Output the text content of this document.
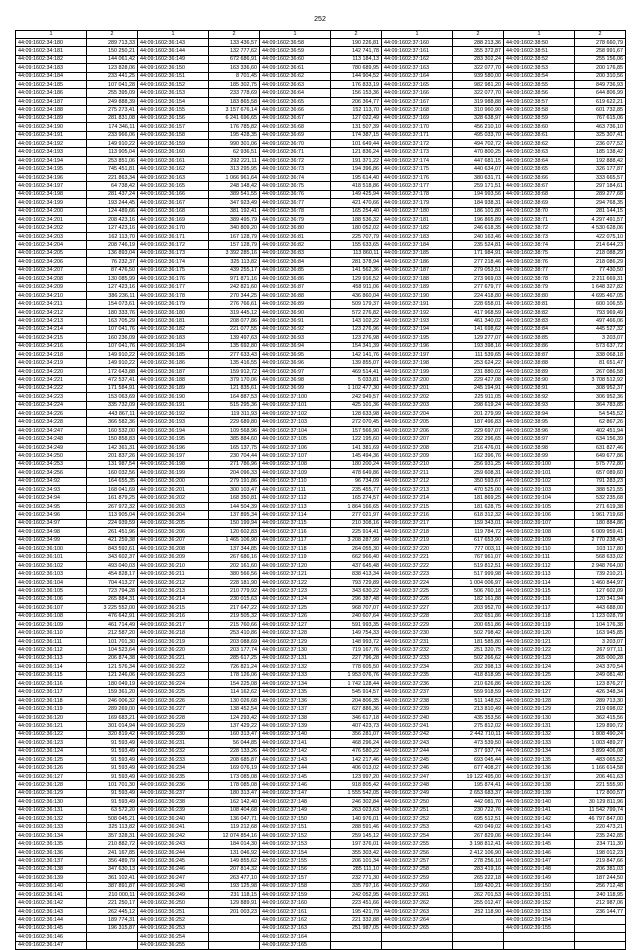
252
1	2	1	2	1	2	1	2	1	2
44:09:1602:34:180	289 713,33	44:09:1602:36:143	133 436,57	44:09:1602:36:58	190 226,81	44:09:1602:37:160	288 213,36	44:09:1602:38:50	278 660,79
44:09:1602:34:181	150 250,21	44:09:1602:36:144	132 777,62	44:09:1602:36:59	142 741,78	44:09:1602:37:161	355 372,87	44:09:1602:38:51	258 991,67
44:09:1602:34:182	144 061,42	44:09:1602:36:149	672 686,91	44:09:1602:36:60	113 184,13	44:09:1602:37:162	283 302,24	44:09:1602:38:52	255 156,06
44:09:1602:34:183	123 828,06	44:09:1602:36:150	163 336,60	44:09:1602:36:61	780 689,95	44:09:1602:37:163	322 077,70	44:09:1602:38:53	200 176,85
44:09:1602:34:184	233 441,25	44:09:1602:36:151	8 701,45	44:09:1602:36:62	144 904,52	44:09:1602:37:164	939 580,00	44:09:1602:38:54	200 310,56
44:09:1602:34:185	107 041,28	44:09:1602:36:152	185 302,75	44:09:1602:36:63	176 833,19	44:09:1602:37:165	982 981,20	44:09:1602:38:55	849 736,93
44:09:1602:34:186	255 395,09	44:09:1602:36:153	233 778,69	44:09:1602:36:64	156 153,36	44:09:1602:37:166	322 077,70	44:09:1602:38:56	644 806,99
44:09:1602:34:187	249 888,39	44:09:1602:36:154	183 865,58	44:09:1602:36:65	206 364,77	44:09:1602:37:167	319 988,88	44:09:1602:38:57	619 622,21
44:09:1602:34:188	275 273,41	44:09:1602:36:155	3 157 676,14	44:09:1602:36:66	152 113,70	44:09:1602:37:168	310 960,90	44:09:1602:38:58	601 732,85
44:09:1602:34:189	281 831,08	44:09:1602:36:156	6 241 696,65	44:09:1602:36:67	127 022,49	44:09:1602:37:169	328 638,97	44:09:1602:38:59	767 615,06
44:09:1602:34:190	174 346,11	44:09:1602:36:157	176 785,82	44:09:1602:36:68	131 507,39	44:09:1602:37:170	456 210,10	44:09:1602:38:60	463 736,10
44:09:1602:34:191	233 966,06	44:09:1602:36:158	195 428,35	44:09:1602:36:69	174 387,15	44:09:1602:37:171	495 033,70	44:09:1602:38:61	325 307,41
44:09:1602:34:192	149 910,22	44:09:1602:36:159	990 301,06	44:09:1602:36:70	101 649,44	44:09:1602:37:172	494 702,72	44:09:1602:38:62	236 077,52
44:09:1602:34:193	113 905,04	44:09:1602:36:160	62 936,51	44:09:1602:36:71	121 836,24	44:09:1602:37:173	470 800,25	44:09:1602:38:63	185 138,42
44:09:1602:34:194	253 851,06	44:09:1602:36:161	292 221,11	44:09:1602:36:72	191 371,22	44:09:1602:37:174	447 681,15	44:09:1602:38:64	192 888,42
44:09:1602:34:195	745 451,81	44:09:1602:36:162	313 295,95	44:09:1602:36:73	194 396,86	44:09:1602:37:175	440 634,07	44:09:1602:38:65	326 177,87
44:09:1602:34:196	221 863,34	44:09:1602:36:163	1 066 961,64	44:09:1602:36:74	195 614,40	44:09:1602:37:176	380 631,71	44:09:1602:38:66	333 665,57
44:09:1602:34:197	64 738,42	44:09:1602:36:165	248 148,42	44:09:1602:36:75	418 518,86	44:09:1602:37:177	259 171,51	44:09:1602:38:67	297 184,61
44:09:1602:34:198	281 437,24	44:09:1602:36:166	389 541,55	44:09:1602:36:76	149 425,94	44:09:1602:37:178	194 993,56	44:09:1602:38:68	289 277,68
44:09:1602:34:199	193 244,45	44:09:1602:36:167	347 923,49	44:09:1602:36:77	421 470,66	44:09:1602:37:179	184 938,31	44:09:1602:38:69	294 768,35
44:09:1602:34:200	124 489,66	44:09:1602:36:168	381 192,41	44:09:1602:36:78	165 254,40	44:09:1602:37:180	186 101,80	44:09:1602:38:70	281 144,15
44:09:1602:34:201	208 423,16	44:09:1602:36:169	389 495,79	44:09:1602:36:79	188 536,32	44:09:1602:37:181	196 865,89	44:09:1602:38:71	4 297 491,57
44:09:1602:34:202	127 423,16	44:09:1602:36:170	340 809,20	44:09:1602:36:80	180 052,02	44:09:1602:37:182	246 618,35	44:09:1602:38:72	4 530 628,06
44:09:1602:34:203	162 113,70	44:09:1602:36:171	167 128,79	44:09:1602:36:81	225 707,79	44:09:1602:37:183	240 163,46	44:09:1602:38:73	422 075,10
44:09:1602:34:204	208 746,19	44:09:1602:36:172	157 128,79	44:09:1602:36:82	155 633,65	44:09:1602:37:184	235 524,81	44:09:1602:38:74	214 644,23
44:09:1602:34:205	136 893,04	44:09:1602:36:173	3 392 285,16	44:09:1602:36:83	113 860,11	44:09:1602:37:185	171 984,91	44:09:1602:38:75	218 088,29
44:09:1602:34:206	76 232,37	44:09:1602:36:174	325 113,82	44:09:1602:36:84	281 378,94	44:09:1602:37:186	277 218,46	44:09:1602:38:76	218 086,29
44:09:1602:34:207	87 476,50	44:09:1602:36:175	439 255,17	44:09:1602:36:85	141 562,36	44:09:1602:37:187	279 053,51	44:09:1602:38:77	77 430,50
44:09:1602:34:208	130 085,99	44:09:1602:36:176	971 871,16	44:09:1602:36:86	129 916,52	44:09:1602:37:188	273 969,03	44:09:1602:38:78	2 211 669,31
44:09:1602:34:209	127 423,16	44:09:1602:36:177	242 821,60	44:09:1602:36:87	458 911,06	44:09:1602:37:189	277 679,77	44:09:1602:38:79	1 648 327,82
44:09:1602:34:210	386 236,11	44:09:1602:36:178	270 344,25	44:09:1602:36:88	436 860,04	44:09:1602:37:190	224 418,80	44:09:1602:38:80	4 695 467,05
44:09:1602:34:211	154 073,61	44:09:1602:36:179	276 766,61	44:09:1602:36:89	509 179,37	44:09:1602:37:191	228 658,01	44:09:1602:38:81	600 106,55
44:09:1602:34:212	180 333,76	44:09:1602:36:180	319 445,12	44:09:1602:36:90	572 276,82	44:09:1602:37:192	417 968,59	44:09:1602:38:82	793 969,49
44:09:1602:34:213	163 705,29	44:09:1602:36:181	208 077,86	44:09:1602:36:91	143 102,22	44:09:1602:37:193	461 340,02	44:09:1602:38:83	497 466,06
44:09:1602:34:214	107 041,76	44:09:1602:36:182	221 077,55	44:09:1602:36:92	123 276,96	44:09:1602:37:194	141 698,62	44:09:1602:38:84	445 527,32
44:09:1602:34:215	160 236,09	44:09:1602:36:183	139 497,63	44:09:1602:36:93	123 276,98	44:09:1602:37:195	129 277,07	44:09:1602:38:85	3 203,07
44:09:1602:34:216	107 041,76	44:09:1602:36:184	135 692,80	44:09:1602:36:94	154 341,39	44:09:1602:37:196	193 398,16	44:09:1602:38:86	573 637,72
44:09:1602:34:218	149 910,22	44:09:1602:36:185	277 633,43	44:09:1602:36:95	142 141,76	44:09:1602:37:197	111 539,65	44:09:1602:38:87	338 068,18
44:09:1602:34:219	149 910,22	44:09:1602:36:186	135 416,55	44:09:1602:36:96	139 855,07	44:09:1602:37:198	253 624,22	44:09:1602:38:88	81 651,47
44:09:1602:34:220	172 643,88	44:09:1602:36:187	159 912,72	44:09:1602:36:97	469 514,41	44:09:1602:37:199	231 880,02	44:09:1602:38:89	267 086,58
44:09:1602:34:221	472 537,41	44:09:1602:36:188	379 170,06	44:09:1602:36:98	5 033,81	44:09:1602:37:200	229 427,08	44:09:1602:38:90	3 708 512,92
44:09:1602:34:222	171 584,91	44:09:1602:36:189	121 835,61	44:09:1602:36:99	1 102 477,30	44:09:1602:37:201	245 194,91	44:09:1602:38:91	308 952,37
44:09:1602:34:223	153 063,69	44:09:1602:36:190	164 887,53	44:09:1602:37:100	242 949,57	44:09:1602:37:202	225 911,05	44:09:1602:38:92	306 952,36
44:09:1602:34:224	335 732,09	44:09:1602:36:191	515 295,36	44:09:1602:37:101	425 101,36	44:09:1602:37:203	298 619,24	44:09:1602:38:93	364 783,85
44:09:1602:34:226	443 867,11	44:09:1602:36:192	119 311,93	44:09:1602:37:102	128 633,98	44:09:1602:37:204	201 279,99	44:09:1602:38:94	54 545,52
44:09:1602:34:228	366 582,36	44:09:1602:36:193	229 689,80	44:09:1602:37:103	272 070,45	44:09:1602:37:205	187 496,83	44:09:1602:38:95	62 867,26
44:09:1602:34:247	160 532,00	44:09:1602:36:194	109 568,96	44:09:1602:37:104	157 566,90	44:09:1602:37:206	229 697,07	44:09:1602:38:96	402 451,94
44:09:1602:34:248	150 858,83	44:09:1602:36:195	385 884,60	44:09:1602:37:105	122 195,60	44:09:1602:37:207	292 296,65	44:09:1602:38:97	634 156,39
44:09:1602:34:249	142 361,31	44:09:1602:36:196	165 137,75	44:09:1602:37:106	141 381,69	44:09:1602:37:208	216 476,01	44:09:1602:38:98	631 827,46
44:09:1602:34:250	201 837,26	44:09:1602:36:197	230 704,44	44:09:1602:37:107	145 494,36	44:09:1602:37:209	162 396,76	44:09:1602:38:99	649 677,86
44:09:1602:34:253	131 987,54	44:09:1602:36:198	271 786,96	44:09:1602:37:108	180 200,24	44:09:1602:37:210	256 931,25	44:09:1602:39:100	575 772,80
44:09:1602:34:256	160 032,56	44:09:1602:36:199	204 096,33	44:09:1602:37:109	478 649,86	44:09:1602:37:211	259 608,31	44:09:1602:39:101	657 089,60
44:09:1602:34:92	164 655,35	44:09:1602:36:200	279 191,86	44:09:1602:37:110	96 734,09	44:09:1602:37:212	350 593,67	44:09:1602:39:102	791 283,23
44:09:1602:34:93	168 041,69	44:09:1602:36:201	300 103,47	44:09:1602:37:111	235 455,77	44:09:1602:37:213	470 525,00	44:09:1602:39:103	388 521,55
44:09:1602:34:94	161 879,25	44:09:1602:36:202	168 350,81	44:09:1602:37:112	165 274,57	44:09:1602:37:214	181 869,25	44:09:1602:39:104	532 235,68
44:09:1602:34:95	267 972,32	44:09:1602:36:203	144 504,39	44:09:1602:37:113	1 864 166,65	44:09:1602:37:215	181 628,75	44:09:1602:39:105	271 619,38
44:09:1602:34:96	113 905,04	44:09:1602:36:204	137 895,34	44:09:1602:37:114	277 021,97	44:09:1602:37:216	618 312,32	44:09:1602:39:106	1 961 719,68
44:09:1602:34:97	224 939,59	44:09:1602:36:205	150 199,94	44:09:1602:37:115	210 308,16	44:09:1602:37:217	159 343,01	44:09:1602:39:107	180 884,86
44:09:1602:34:98	261 451,96	44:09:1602:36:206	120 602,83	44:09:1602:37:116	225 914,41	44:09:1602:37:218	119 784,72	44:09:1602:39:108	6 009 959,41
44:09:1602:34:99	421 259,38	44:09:1602:36:207	1 465 106,90	44:09:1602:37:117	3 208 287,99	44:09:1602:37:219	617 653,90	44:09:1602:39:109	2 770 238,43
44:09:1602:36:100	843 592,61	44:09:1602:36:208	137 344,85	44:09:1602:37:118	264 055,30	44:09:1602:37:220	777 003,11	44:09:1602:39:110	103 117,80
44:09:1602:36:101	343 602,37	44:09:1602:36:209	267 686,16	44:09:1602:37:119	662 966,40	44:09:1602:37:221	767 961,07	44:09:1602:39:111	568 633,02
44:09:1602:36:102	493 040,03	44:09:1602:36:210	202 161,60	44:09:1602:37:120	437 645,48	44:09:1602:37:222	519 812,51	44:09:1602:39:112	2 948 764,00
44:09:1602:36:103	454 828,17	44:09:1602:36:211	380 566,56	44:09:1602:37:121	838 413,34	44:09:1602:37:223	517 999,98	44:09:1602:39:113	739 210,21
44:09:1602:36:104	704 413,27	44:09:1602:36:212	228 181,90	44:09:1602:37:122	793 729,89	44:09:1602:37:224	1 004 006,97	44:09:1602:39:114	1 460 844,97
44:09:1602:36:105	723 794,28	44:09:1602:36:213	210 779,92	44:09:1602:37:123	343 630,22	44:09:1602:37:225	506 760,18	44:09:1602:39:115	127 602,09
44:09:1602:36:106	265 884,31	44:09:1602:36:214	230 015,63	44:09:1602:37:124	296 387,48	44:09:1602:37:226	182 161,88	44:09:1602:39:116	120 341,94
44:09:1602:36:107	3 225 552,00	44:09:1602:36:215	217 647,22	44:09:1602:37:125	968 707,07	44:09:1602:37:227	203 952,70	44:09:1602:39:117	443 688,00
44:09:1602:36:108	476 642,91	44:09:1602:36:216	219 505,32	44:09:1602:37:126	240 607,64	44:09:1602:37:228	202 651,86	44:09:1602:39:118	1 123 028,79
44:09:1602:36:109	461 714,49	44:09:1602:36:217	215 760,66	44:09:1602:37:127	591 993,35	44:09:1602:37:229	200 651,86	44:09:1602:39:119	104 176,38
44:09:1602:36:110	212 587,20	44:09:1602:36:218	253 410,86	44:09:1602:37:128	149 754,33	44:09:1602:37:230	502 798,42	44:09:1602:39:120	163 945,85
44:09:1602:36:111	101 701,30	44:09:1602:36:219	203 088,69	44:09:1602:37:129	148 993,72	44:09:1602:37:231	181 585,80	44:09:1602:39:121	3 203,07
44:09:1602:36:112	104 523,64	44:09:1602:36:220	203 177,74	44:09:1602:37:130	719 167,76	44:09:1602:37:232	251 320,75	44:09:1602:39:122	267 977,11
44:09:1602:36:113	206 874,38	44:09:1602:36:221	285 617,25	44:09:1602:37:131	227 796,28	44:09:1602:37:233	502 266,62	44:09:1602:39:123	265 000,28
44:09:1602:36:114	121 576,34	44:09:1602:36:222	726 821,24	44:09:1602:37:132	778 605,50	44:09:1602:37:234	202 398,13	44:09:1602:39:124	243 370,54
44:09:1602:36:115	121 246,06	44:09:1602:36:223	178 126,06	44:09:1602:37:133	1 953 076,76	44:09:1602:37:235	418 818,95	44:09:1602:39:125	249 081,40
44:09:1602:36:116	180 049,19	44:09:1602:36:224	154 225,08	44:09:1602:37:134	1 742 128,44	44:09:1602:37:236	210 626,86	44:09:1602:39:126	123 876,27
44:09:1602:36:117	159 361,20	44:09:1602:36:225	114 162,62	44:09:1602:37:135	545 914,57	44:09:1602:37:237	559 918,59	44:09:1602:39:127	426 348,34
44:09:1602:36:118	246 006,32	44:09:1602:36:226	130 026,68	44:09:1602:37:136	204 806,35	44:09:1602:37:238	511 148,52	44:09:1602:39:128	289 713,30
44:09:1602:36:119	289 269,00	44:09:1602:36:227	138 452,54	44:09:1602:37:137	627 886,36	44:09:1602:37:239	213 810,49	44:09:1602:39:129	219 698,02
44:09:1602:36:120	169 683,21	44:09:1602:36:228	124 293,42	44:09:1602:37:138	346 617,18	44:09:1602:37:240	435 353,56	44:09:1602:39:130	362 415,56
44:09:1602:36:121	301 014,94	44:09:1602:36:229	137 429,22	44:09:1602:37:139	407 423,73	44:09:1602:37:241	275 812,02	44:09:1602:39:131	129 890,72
44:09:1602:36:122	320 819,42	44:09:1602:36:230	160 313,47	44:09:1602:37:140	356 281,07	44:09:1602:37:242	2 442 710,11	44:09:1602:39:132	1 808 490,24
44:09:1602:36:123	91 593,49	44:09:1602:36:231	56 044,85	44:09:1602:37:141	468 296,24	44:09:1602:37:243	473 539,50	44:09:1602:39:133	1 003 489,27
44:09:1602:36:124	91 593,49	44:09:1602:36:232	228 133,26	44:09:1602:37:142	476 580,22	44:09:1602:37:244	377 937,74	44:09:1602:39:134	3 899 406,08
44:09:1602:36:125	91 593,49	44:09:1602:36:233	208 685,87	44:09:1602:37:143	142 217,46	44:09:1602:37:245	693 045,44	44:09:1602:39:135	483 065,52
44:09:1602:36:126	91 593,49	44:09:1602:36:234	169 076,19	44:09:1602:37:144	406 013,02	44:09:1602:37:246	677 408,27	44:09:1602:39:136	1 166 614,58
44:09:1602:36:127	91 593,49	44:09:1602:36:235	173 085,08	44:09:1602:37:145	123 997,20	44:09:1602:37:247	19 122 495,00	44:09:1602:39:137	206 461,63
44:09:1602:36:128	101 701,30	44:09:1602:36:236	178 085,08	44:09:1602:37:146	918 805,42	44:09:1602:37:248	195 874,41	44:09:1602:39:138	221 555,90
44:09:1602:36:129	91 593,49	44:09:1602:36:237	180 313,47	44:09:1602:37:147	1 555 542,05	44:09:1602:37:249	2 653 683,37	44:09:1602:39:139	172 800,57
44:09:1602:36:130	91 593,49	44:09:1602:36:238	162 142,40	44:09:1602:37:148	246 302,84	44:09:1602:37:250	442 081,70	44:09:1602:39:140	30 129 811,96
44:09:1602:36:131	63 572,20	44:09:1602:36:239	108 404,68	44:09:1602:37:149	263 023,63	44:09:1602:37:251	230 722,76	44:09:1602:39:141	11 542 799,74
44:09:1602:36:132	508 045,21	44:09:1602:36:240	136 047,71	44:09:1602:37:150	140 976,01	44:09:1602:37:252	695 512,51	44:09:1602:39:142	46 797 847,00
44:09:1602:36:133	325 113,82	44:09:1602:36:241	119 212,68	44:09:1602:37:151	288 591,46	44:09:1602:37:253	420 049,02	44:09:1602:39:143	220 473,21
44:09:1602:36:134	357 328,31	44:09:1602:36:242	12 074 854,16	44:09:1602:37:152	259 145,12	44:09:1602:37:254	267 829,06	44:09:1602:39:144	235 242,85
44:09:1602:36:135	210 882,72	44:09:1602:36:243	184 014,30	44:09:1602:37:153	197 376,01	44:09:1602:37:255	3 198 812,41	44:09:1602:39:145	234 711,30
44:09:1602:36:136	241 167,85	44:09:1602:36:244	131 046,92	44:09:1602:37:154	355 303,42	44:09:1602:37:256	2 412 106,90	44:09:1602:39:146	198 012,23
44:09:1602:36:137	356 489,79	44:09:1602:36:245	149 855,62	44:09:1602:37:155	206 101,34	44:09:1602:37:257	278 256,10	44:09:1602:39:147	219 847,66
44:09:1602:36:138	347 630,13	44:09:1602:36:246	207 814,32	44:09:1602:37:156	285 111,10	44:09:1602:37:258	283 419,16	44:09:1602:39:148	206 381,03
44:09:1602:36:139	361 102,41	44:09:1602:36:247	263 477,10	44:09:1602:37:157	232 771,30	44:09:1602:37:259	265 222,18	44:09:1602:39:149	187 244,50
44:09:1602:36:140	387 891,87	44:09:1602:36:248	193 125,98	44:09:1602:37:158	335 797,16	44:09:1602:37:260	189 420,21	44:09:1602:39:150	256 712,48
44:09:1602:36:141	210 000,11	44:09:1602:36:249	231 118,15	44:09:1602:37:159	242 052,95	44:09:1602:37:261	262 701,53	44:09:1602:39:151	240 118,95
44:09:1602:36:142	221 250,17	44:09:1602:36:250	129 889,91	44:09:1602:37:160	223 451,66	44:09:1602:37:262	255 012,47	44:09:1602:39:152	212 987,06
44:09:1602:36:143	262 445,12	44:09:1602:36:251	201 003,23	44:09:1602:37:161	195 421,79	44:09:1602:37:263	252 118,90	44:09:1602:39:153	236 144,77
44:09:1602:36:144	189 774,31	44:09:1602:36:252		44:09:1602:37:162	221 332,88	44:09:1602:37:264		44:09:1602:39:154	
44:09:1602:36:145	196 315,87	44:09:1602:36:253		44:09:1602:37:163	251 987,05	44:09:1602:37:265		44:09:1602:39:155	
44:09:1602:36:146		44:09:1602:36:254		44:09:1602:37:164					
44:09:1602:36:147		44:09:1602:36:255		44:09:1602:37:165					
